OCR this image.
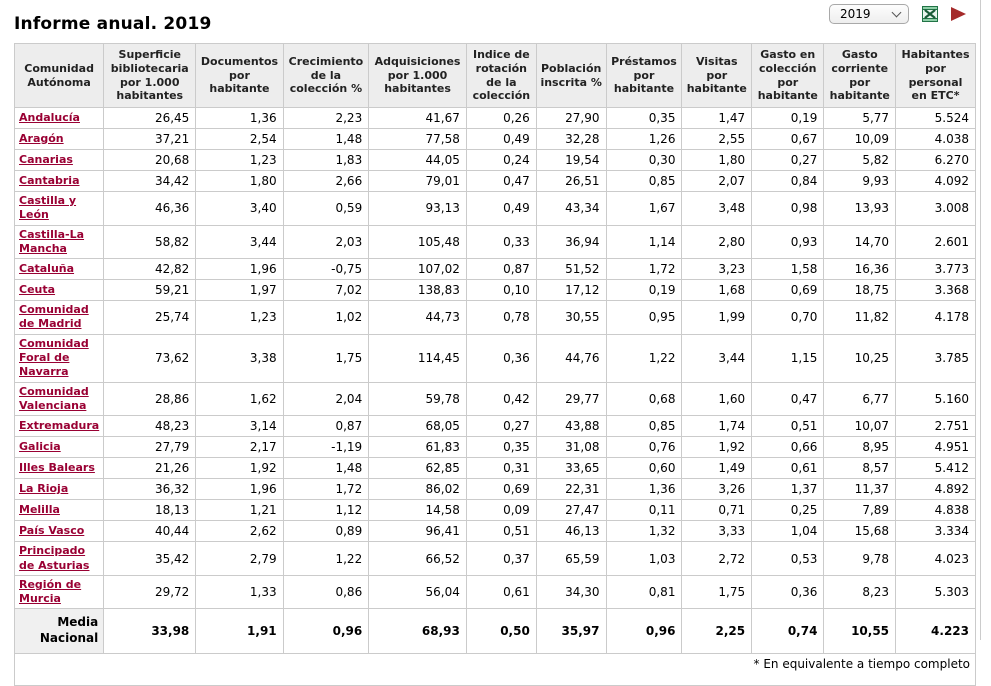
2019
Informe anual. 2019
Comunidad Autónoma	Superficie bibliotecaria por 1.000 habitantes	Documentos por habitante	Crecimiento de la colección %	Adquisiciones por 1.000 habitantes	Indice de rotación de la colección	Población inscrita %	Préstamos por habitante	Visitas por habitante	Gasto en colección por habitante	Gasto corriente por habitante	Habitantes por personal en ETC*
Andalucía	26,45	1,36	2,23	41,67	0,26	27,90	0,35	1,47	0,19	5,77	5.524
Aragón	37,21	2,54	1,48	77,58	0,49	32,28	1,26	2,55	0,67	10,09	4.038
Canarias	20,68	1,23	1,83	44,05	0,24	19,54	0,30	1,80	0,27	5,82	6.270
Cantabria	34,42	1,80	2,66	79,01	0,47	26,51	0,85	2,07	0,84	9,93	4.092
Castilla y León	46,36	3,40	0,59	93,13	0,49	43,34	1,67	3,48	0,98	13,93	3.008
Castilla-La Mancha	58,82	3,44	2,03	105,48	0,33	36,94	1,14	2,80	0,93	14,70	2.601
Cataluña	42,82	1,96	-0,75	107,02	0,87	51,52	1,72	3,23	1,58	16,36	3.773
Ceuta	59,21	1,97	7,02	138,83	0,10	17,12	0,19	1,68	0,69	18,75	3.368
Comunidad de Madrid	25,74	1,23	1,02	44,73	0,78	30,55	0,95	1,99	0,70	11,82	4.178
Comunidad Foral de Navarra	73,62	3,38	1,75	114,45	0,36	44,76	1,22	3,44	1,15	10,25	3.785
Comunidad Valenciana	28,86	1,62	2,04	59,78	0,42	29,77	0,68	1,60	0,47	6,77	5.160
Extremadura	48,23	3,14	0,87	68,05	0,27	43,88	0,85	1,74	0,51	10,07	2.751
Galicia	27,79	2,17	-1,19	61,83	0,35	31,08	0,76	1,92	0,66	8,95	4.951
Illes Balears	21,26	1,92	1,48	62,85	0,31	33,65	0,60	1,49	0,61	8,57	5.412
La Rioja	36,32	1,96	1,72	86,02	0,69	22,31	1,36	3,26	1,37	11,37	4.892
Melilla	18,13	1,21	1,12	14,58	0,09	27,47	0,11	0,71	0,25	7,89	4.838
País Vasco	40,44	2,62	0,89	96,41	0,51	46,13	1,32	3,33	1,04	15,68	3.334
Principado de Asturias	35,42	2,79	1,22	66,52	0,37	65,59	1,03	2,72	0,53	9,78	4.023
Región de Murcia	29,72	1,33	0,86	56,04	0,61	34,30	0,81	1,75	0,36	8,23	5.303
Media Nacional	33,98	1,91	0,96	68,93	0,50	35,97	0,96	2,25	0,74	10,55	4.223
* En equivalente a tiempo completo											
